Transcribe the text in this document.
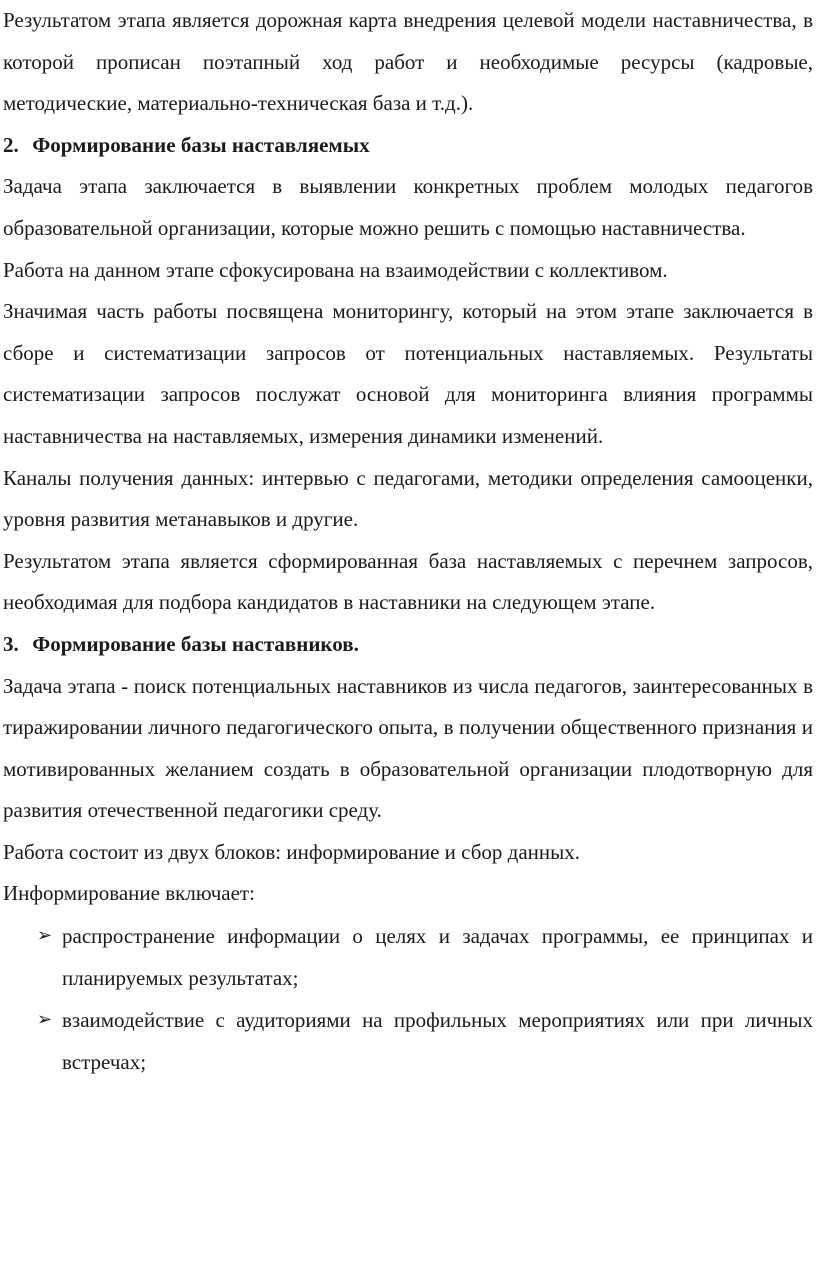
Результатом этапа является дорожная карта внедрения целевой модели наставничества, в которой прописан поэтапный ход работ и необходимые ресурсы (кадровые, методические, материально-техническая база и т.д.).

2. Формирование базы наставляемых

Задача этапа заключается в выявлении конкретных проблем молодых педагогов образовательной организации, которые можно решить с помощью наставничества.

Работа на данном этапе сфокусирована на взаимодействии с коллективом.

Значимая часть работы посвящена мониторингу, который на этом этапе заключается в сборе и систематизации запросов от потенциальных наставляемых. Результаты систематизации запросов послужат основой для мониторинга влияния программы наставничества на наставляемых, измерения динамики изменений.

Каналы получения данных: интервью с педагогами, методики определения самооценки, уровня развития метанавыков и другие.

Результатом этапа является сформированная база наставляемых с перечнем запросов, необходимая для подбора кандидатов в наставники на следующем этапе.

3. Формирование базы наставников.

Задача этапа - поиск потенциальных наставников из числа педагогов, заинтересованных в тиражировании личного педагогического опыта, в получении общественного признания и мотивированных желанием создать в образовательной организации плодотворную для развития отечественной педагогики среду.

Работа состоит из двух блоков: информирование и сбор данных.

Информирование включает:

➢ распространение информации о целях и задачах программы, ее принципах и планируемых результатах;
➢ взаимодействие с аудиториями на профильных мероприятиях или при личных встречах;
